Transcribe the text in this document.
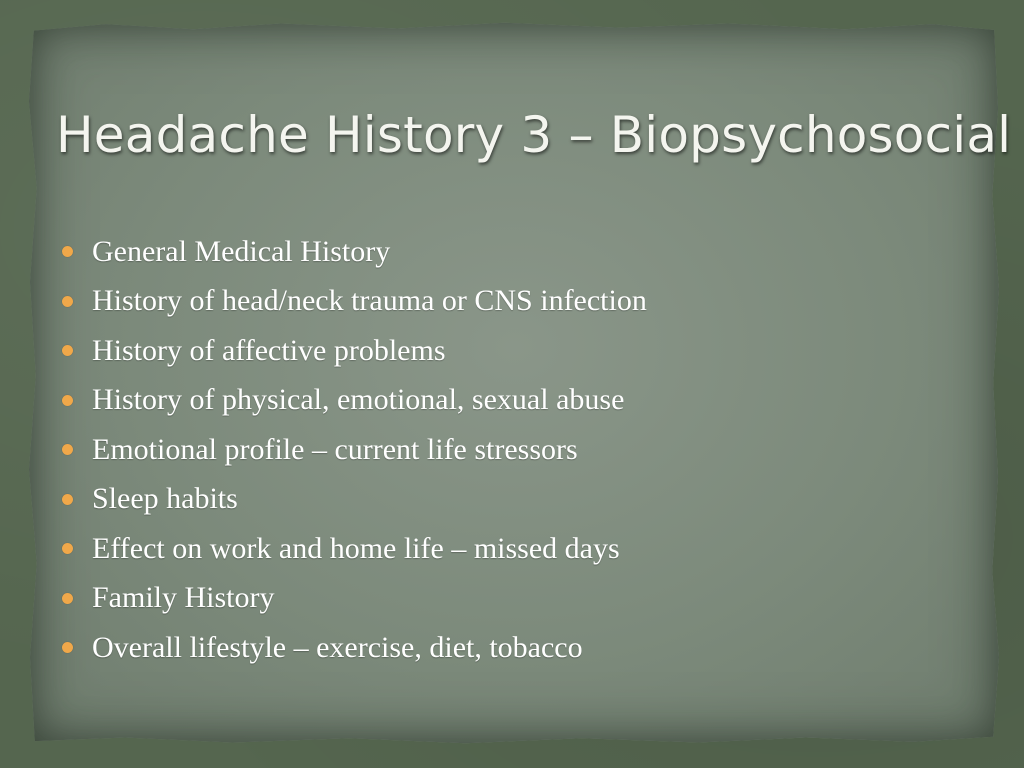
Headache History 3 – Biopsychosocial
General Medical History
History of head/neck trauma or CNS infection
History of affective problems
History of physical, emotional, sexual abuse
Emotional profile – current life stressors
Sleep habits
Effect on work and home life – missed days
Family History
Overall lifestyle – exercise, diet, tobacco
